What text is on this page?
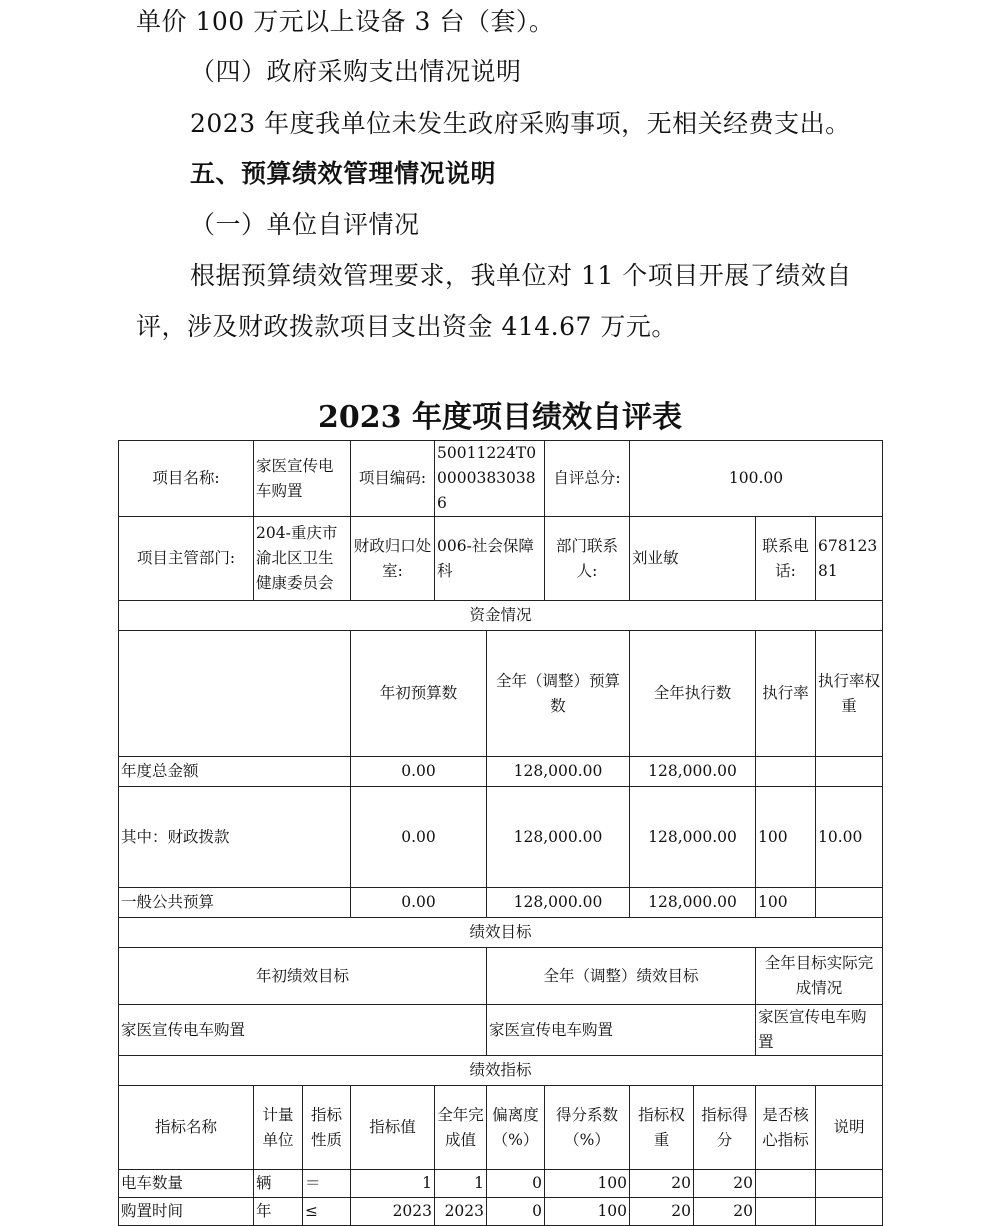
单价 100 万元以上设备 3 台（套）。
（四）政府采购支出情况说明
2023 年度我单位未发生政府采购事项，无相关经费支出。
五、预算绩效管理情况说明
（一）单位自评情况
根据预算绩效管理要求，我单位对 11 个项目开展了绩效自
评，涉及财政拨款项目支出资金 414.67 万元。
2023 年度项目绩效自评表
项目名称:	家医宣传电车购置		项目编码:	50011224T000003830386		自评总分:	100.00				
项目主管部门:	204-重庆市渝北区卫生健康委员会		财政归口处室:	006-社会保障科		部门联系人:	刘业敏		联系电话:	67812381	
资金情况											
			年初预算数		全年（调整）预算数		全年执行数		执行率	执行率权重	
年度总金额			0.00		128,000.00		128,000.00				
其中：财政拨款			0.00		128,000.00		128,000.00		100	10.00	
一般公共预算			0.00		128,000.00		128,000.00		100		
绩效目标											
年初绩效目标					全年（调整）绩效目标				全年目标实际完成情况		
家医宣传电车购置					家医宣传电车购置				家医宣传电车购置		
绩效指标											
指标名称	计量单位	指标性质	指标值	全年完成值	偏离度（%）	得分系数（%）	指标权重	指标得分	是否核心指标	说明	
电车数量	辆	＝	1	1	0	100	20	20			
购置时间	年	≤	2023	2023	0	100	20	20			
